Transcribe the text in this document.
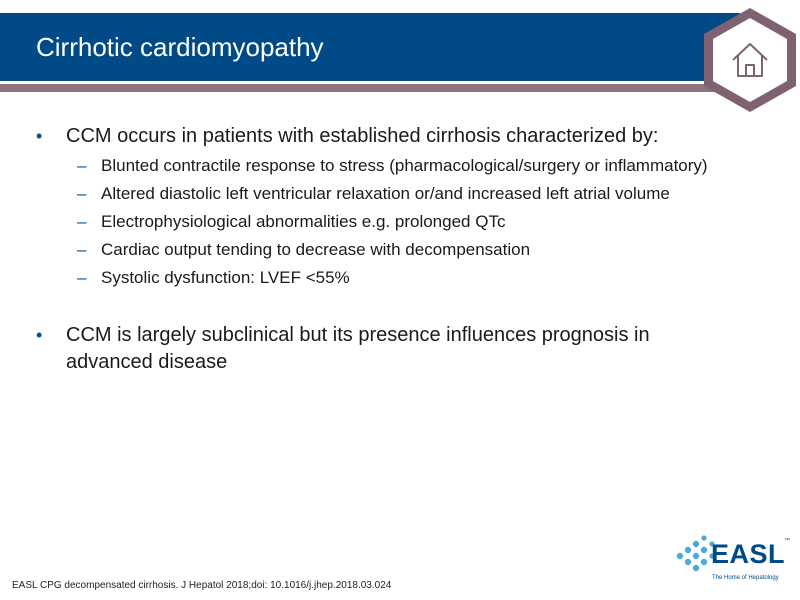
Cirrhotic cardiomyopathy
• CCM occurs in patients with established cirrhosis characterized by:
– Blunted contractile response to stress (pharmacological/surgery or inflammatory)
– Altered diastolic left ventricular relaxation or/and increased left atrial volume
– Electrophysiological abnormalities e.g. prolonged QTc
– Cardiac output tending to decrease with decompensation
– Systolic dysfunction: LVEF <55%
• CCM is largely subclinical but its presence influences prognosis in advanced disease
EASL
™
The Home of Hepatology
EASL CPG decompensated cirrhosis. J Hepatol 2018;doi: 10.1016/j.jhep.2018.03.024
